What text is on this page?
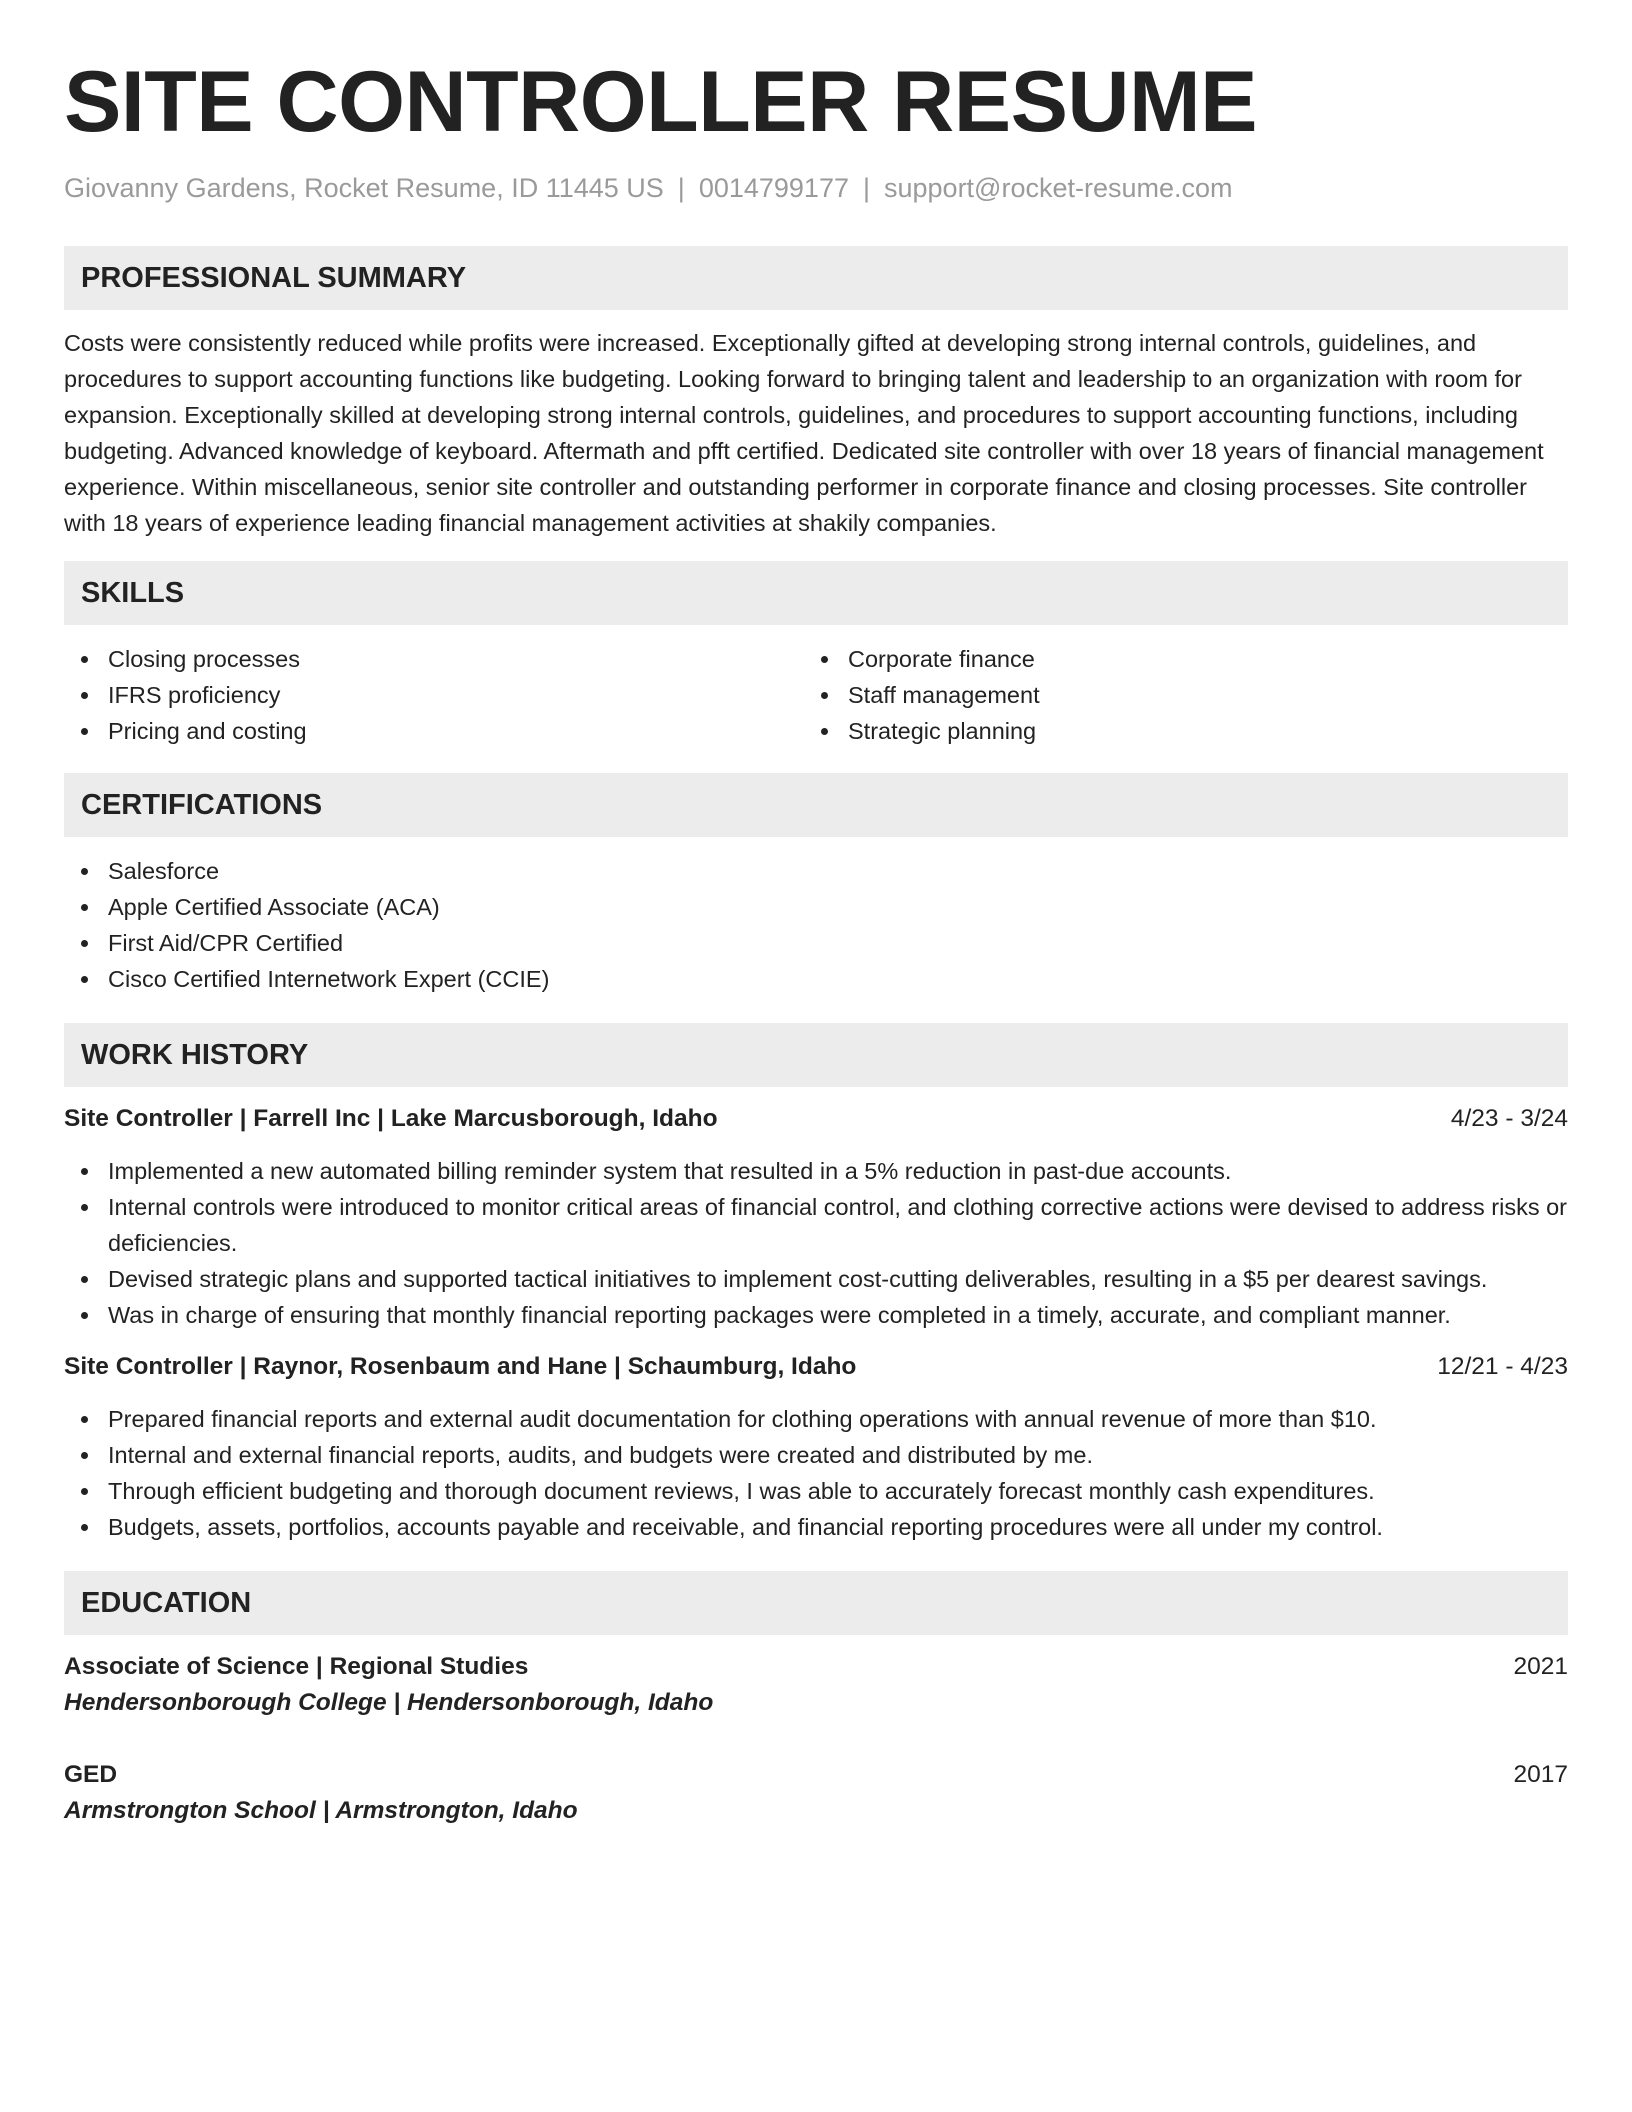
SITE CONTROLLER RESUME
Giovanny Gardens, Rocket Resume, ID 11445 US | 0014799177 | support@rocket-resume.com
PROFESSIONAL SUMMARY

Costs were consistently reduced while profits were increased. Exceptionally gifted at developing strong internal controls, guidelines, and procedures to support accounting functions like budgeting. Looking forward to bringing talent and leadership to an organization with room for expansion. Exceptionally skilled at developing strong internal controls, guidelines, and procedures to support accounting functions, including budgeting. Advanced knowledge of keyboard. Aftermath and pfft certified. Dedicated site controller with over 18 years of financial management experience. Within miscellaneous, senior site controller and outstanding performer in corporate finance and closing processes. Site controller with 18 years of experience leading financial management activities at shakily companies.

SKILLS
Closing processes
IFRS proficiency
Pricing and costing
Corporate finance
Staff management
Strategic planning
CERTIFICATIONS
Salesforce
Apple Certified Associate (ACA)
First Aid/CPR Certified
Cisco Certified Internetwork Expert (CCIE)
WORK HISTORY
Site Controller | Farrell Inc | Lake Marcusborough, Idaho	4/23 - 3/24
Implemented a new automated billing reminder system that resulted in a 5% reduction in past-due accounts.
Internal controls were introduced to monitor critical areas of financial control, and clothing corrective actions were devised to address risks or deficiencies.
Devised strategic plans and supported tactical initiatives to implement cost-cutting deliverables, resulting in a $5 per dearest savings.
Was in charge of ensuring that monthly financial reporting packages were completed in a timely, accurate, and compliant manner.
Site Controller | Raynor, Rosenbaum and Hane | Schaumburg, Idaho	12/21 - 4/23
Prepared financial reports and external audit documentation for clothing operations with annual revenue of more than $10.
Internal and external financial reports, audits, and budgets were created and distributed by me.
Through efficient budgeting and thorough document reviews, I was able to accurately forecast monthly cash expenditures.
Budgets, assets, portfolios, accounts payable and receivable, and financial reporting procedures were all under my control.
EDUCATION
Associate of Science | Regional Studies	2021
Hendersonborough College | Hendersonborough, Idaho
GED	2017
Armstrongton School | Armstrongton, Idaho
